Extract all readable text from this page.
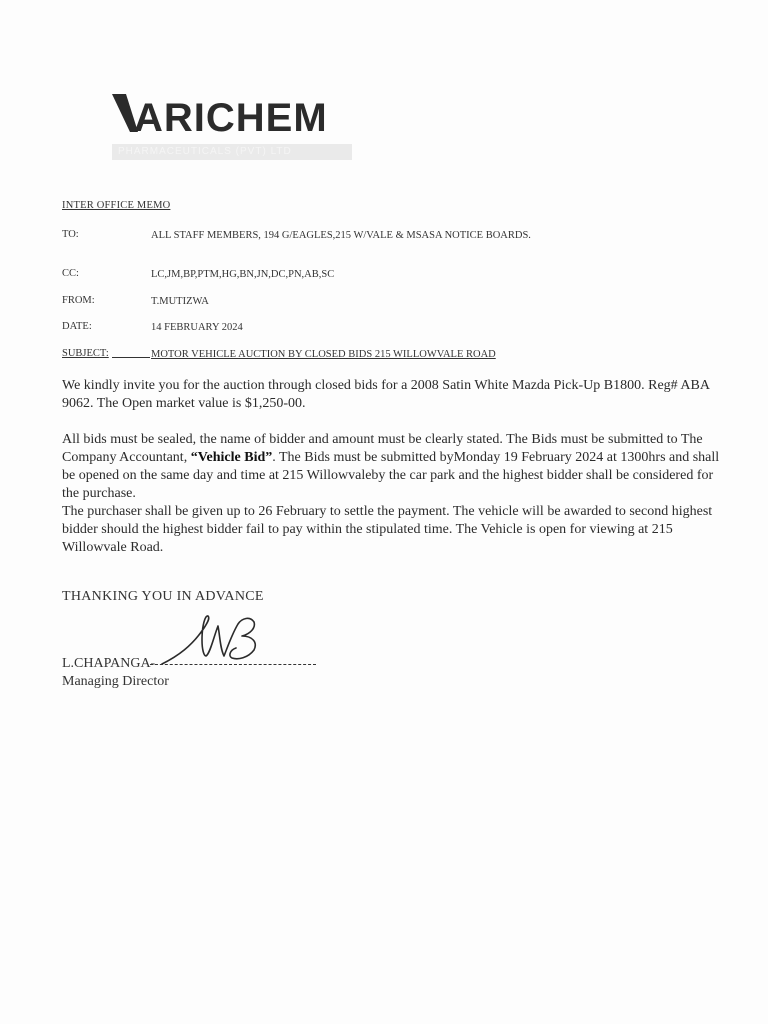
ARICHEM
PHARMACEUTICALS (PVT) LTD
INTER OFFICE MEMO
TO:	ALL STAFF MEMBERS, 194 G/EAGLES,215 W/VALE & MSASA NOTICE BOARDS.
CC:	LC,JM,BP,PTM,HG,BN,JN,DC,PN,AB,SC
FROM:	T.MUTIZWA
DATE:	14 FEBRUARY 2024
SUBJECT:	MOTOR VEHICLE AUCTION BY CLOSED BIDS 215 WILLOWVALE ROAD
We kindly invite you for the auction through closed bids for a 2008 Satin White Mazda Pick-Up B1800. Reg# ABA 9062. The Open market value is $1,250-00.
All bids must be sealed, the name of bidder and amount must be clearly stated. The Bids must be submitted to The Company Accountant, “Vehicle Bid”. The Bids must be submitted byMonday 19 February 2024 at 1300hrs and shall be opened on the same day and time at 215 Willowvaleby the car park and the highest bidder shall be considered for the purchase.
The purchaser shall be given up to 26 February to settle the payment. The vehicle will be awarded to second highest bidder should the highest bidder fail to pay within the stipulated time. The Vehicle is open for viewing at 215 Willowvale Road.
THANKING YOU IN ADVANCE
L.CHAPANGA-
Managing Director
